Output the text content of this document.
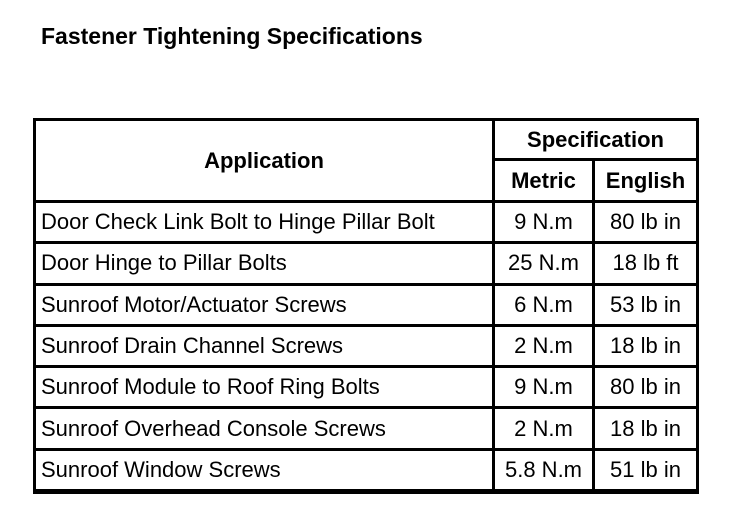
Fastener Tightening Specifications
Application
Specification
Metric	English
Door Check Link Bolt to Hinge Pillar Bolt	9 N.m	80 lb in
Door Hinge to Pillar Bolts	25 N.m	18 lb ft
Sunroof Motor/Actuator Screws	6 N.m	53 lb in
Sunroof Drain Channel Screws	2 N.m	18 lb in
Sunroof Module to Roof Ring Bolts	9 N.m	80 lb in
Sunroof Overhead Console Screws	2 N.m	18 lb in
Sunroof Window Screws	5.8 N.m	51 lb in
